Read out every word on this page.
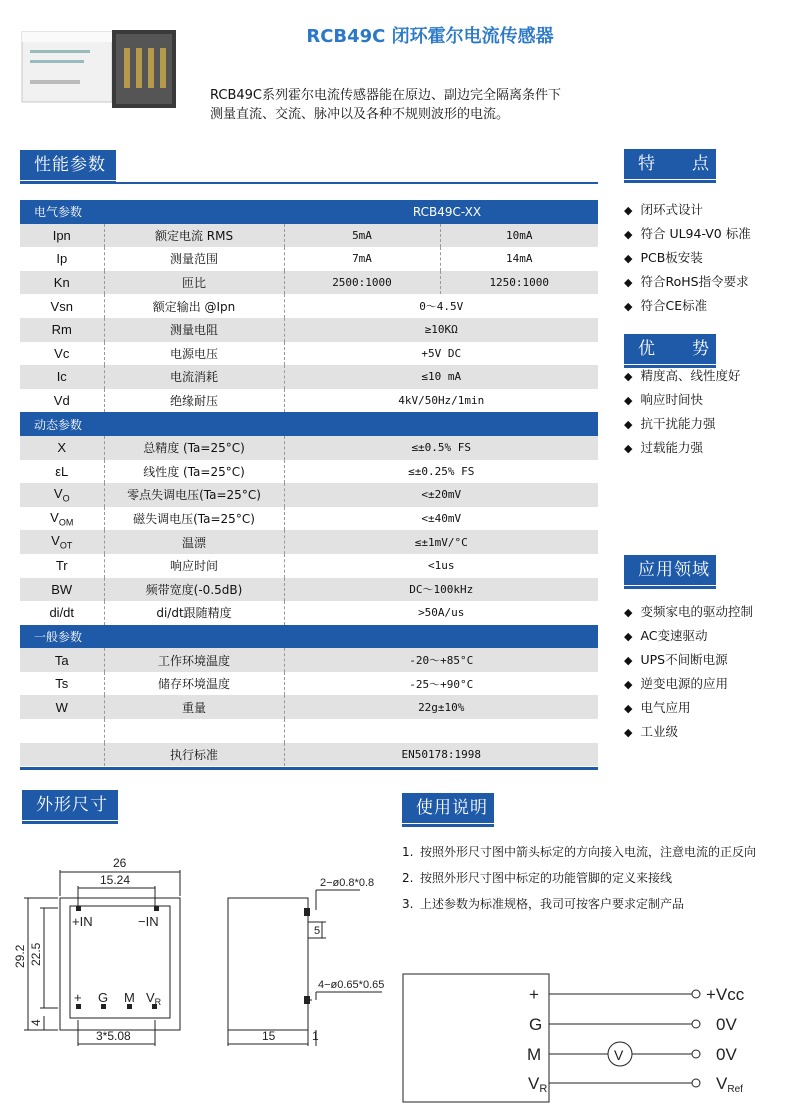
RCB49C 闭环霍尔电流传感器
RCB49C系列霍尔电流传感器能在原边、副边完全隔离条件下
测量直流、交流、脉冲以及各种不规则波形的电流。
性能参数
电气参数		RCB49C-XX	
Ipn	额定电流 RMS	5mA	10mA
Ip	测量范围	7mA	14mA
Kn	匝比	2500:1000	1250:1000
Vsn	额定输出 @Ipn	0～4.5V	
Rm	测量电阻	≥10KΩ	
Vc	电源电压	+5V DC	
Ic	电流消耗	≤10 mA	
Vd	绝缘耐压	4kV/50Hz/1min	
动态参数			
X	总精度 (Ta=25°C)	≤±0.5% FS	
εL	线性度 (Ta=25°C)	≤±0.25% FS	
$V_O$	零点失调电压(Ta=25°C)	<±20mV	
$V_{OM}$	磁失调电压(Ta=25°C)	<±40mV	
$V_{OT}$	温漂	≤±1mV/°C	
Tr	响应时间	<1us	
BW	频带宽度(-0.5dB)	DC～100kHz	
di/dt	di/dt跟随精度	>50A/us	
一般参数			
Ta	工作环境温度	-20～+85°C	
Ts	储存环境温度	-25～+90°C	
W	重量	22g±10%	

	执行标准	EN50178:1998	
特　　点
◆ 闭环式设计
◆ 符合 UL94-V0 标准
◆ PCB板安装
◆ 符合RoHS指令要求
◆ 符合CE标准
优　　势
◆ 精度高、线性度好
◆ 响应时间快
◆ 抗干扰能力强
◆ 过载能力强
应用领域
◆ 变频家电的驱动控制
◆ AC变速驱动
◆ UPS不间断电源
◆ 逆变电源的应用
◆ 电气应用
◆ 工业级
外形尺寸
26
15.24
29.2 22.5
4
3*5.08
+IN	−IN
+ G M $V_R$
2−ø0.8*0.8
5
4−ø0.65*0.65
15	1
使用说明
1. 按照外形尺寸图中箭头标定的方向接入电流，注意电流的正反向
2. 按照外形尺寸图中标定的功能管脚的定义来接线
3. 上述参数为标准规格，我司可按客户要求定制产品
+
G
M
VR
V
+Vcc
0V
0V
VRef
